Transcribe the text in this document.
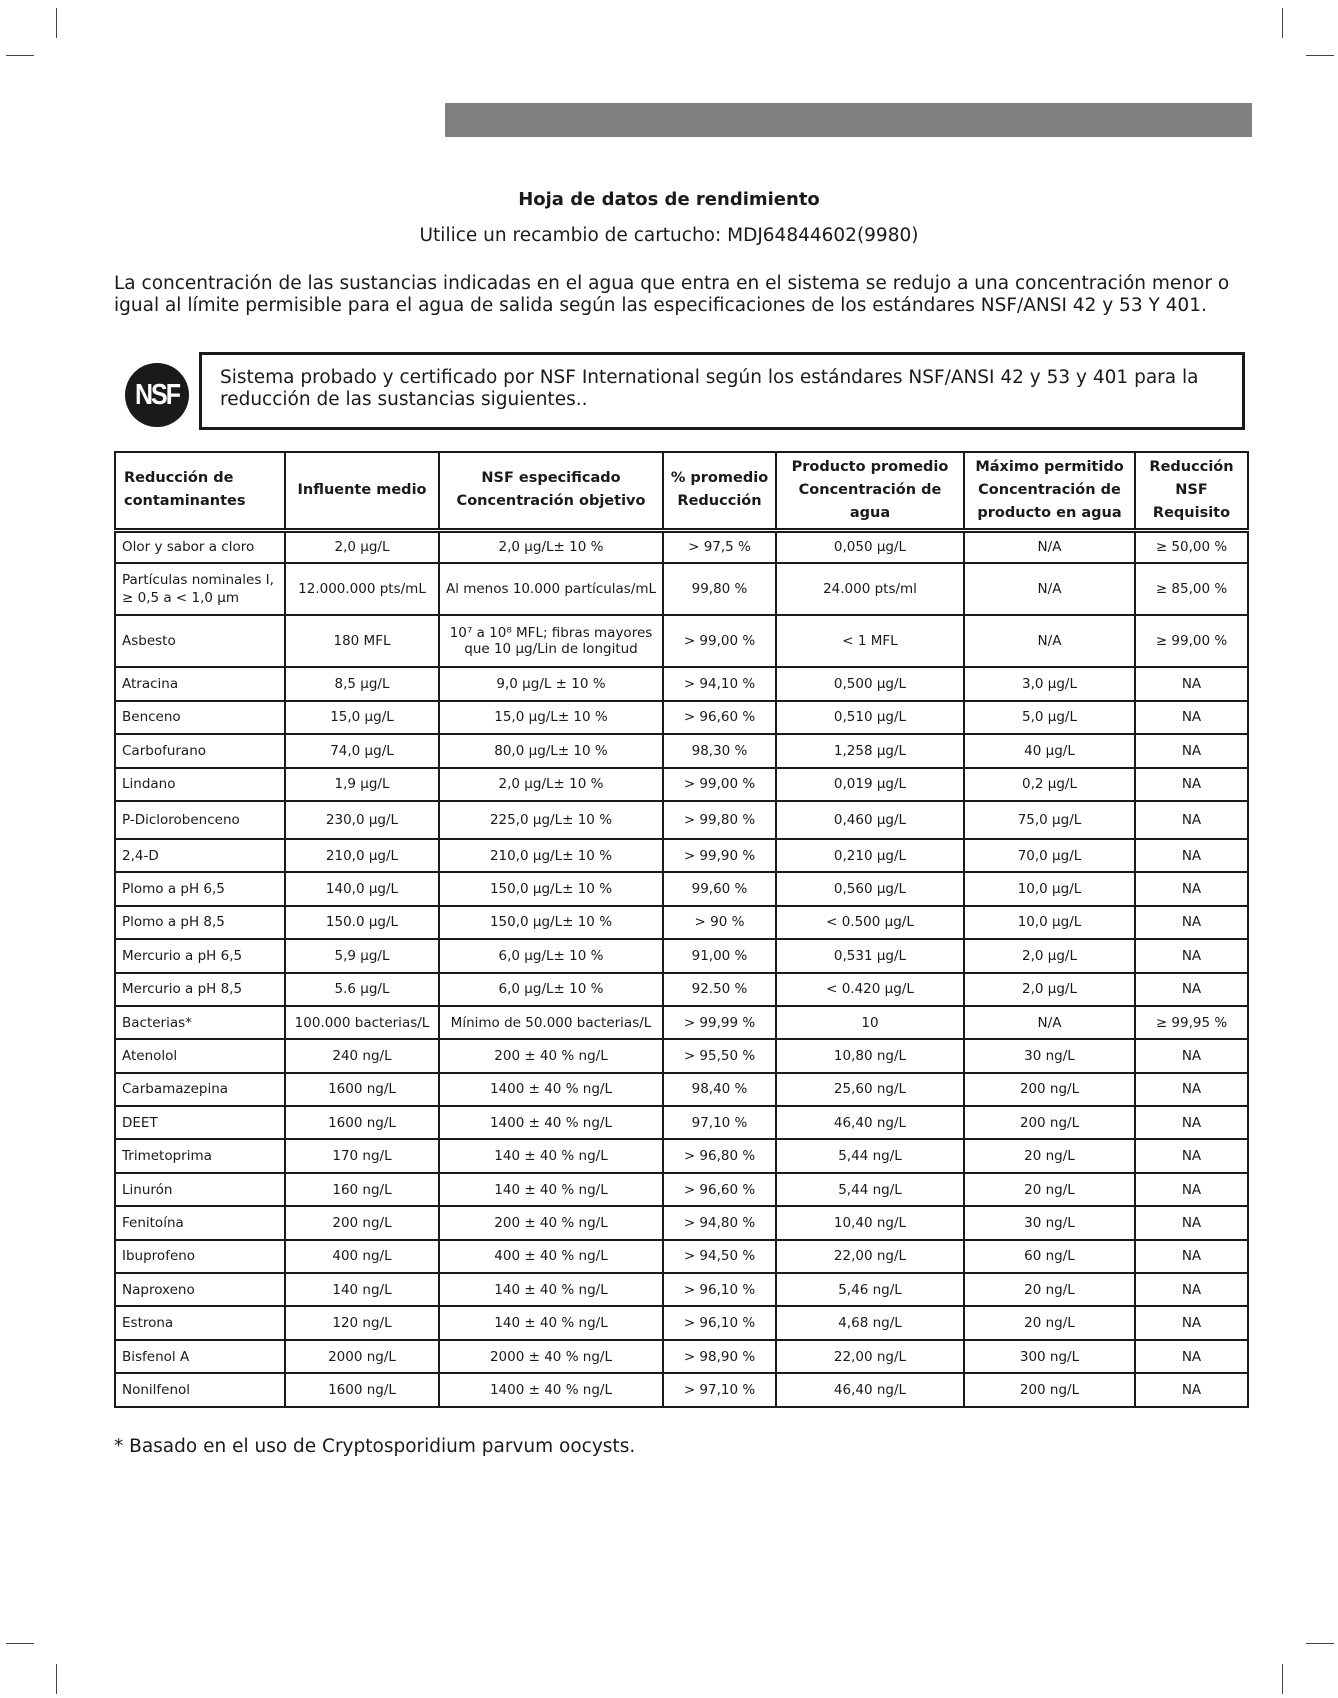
Hoja de datos de rendimiento
Utilice un recambio de cartucho: MDJ64844602(9980)
La concentración de las sustancias indicadas en el agua que entra en el sistema se redujo a una concentración menor o igual al límite permisible para el agua de salida según las especificaciones de los estándares NSF/ANSI 42 y 53 Y 401.
NSF
Sistema probado y certificado por NSF International según los estándares NSF/ANSI 42 y 53 y 401 para la reducción de las sustancias siguientes..
Reducción de contaminantes	Influente medio	NSF especificado Concentración objetivo	% promedio Reducción	Producto promedio Concentración de agua	Máximo permitido Concentración de producto en agua	Reducción NSF Requisito
Olor y sabor a cloro	2,0 µg/L	2,0 µg/L± 10 %	> 97,5 %	0,050 µg/L	N/A	≥ 50,00 %
Partículas nominales I, ≥ 0,5 a < 1,0 µm	12.000.000 pts/mL	Al menos 10.000 partículas/mL	99,80 %	24.000 pts/ml	N/A	≥ 85,00 %
Asbesto	180 MFL	10⁷ a 10⁸ MFL; fibras mayores que 10 µg/Lin de longitud	> 99,00 %	< 1 MFL	N/A	≥ 99,00 %
Atracina	8,5 µg/L	9,0 µg/L ± 10 %	> 94,10 %	0,500 µg/L	3,0 µg/L	NA
Benceno	15,0 µg/L	15,0 µg/L± 10 %	> 96,60 %	0,510 µg/L	5,0 µg/L	NA
Carbofurano	74,0 µg/L	80,0 µg/L± 10 %	98,30 %	1,258 µg/L	40 µg/L	NA
Lindano	1,9 µg/L	2,0 µg/L± 10 %	> 99,00 %	0,019 µg/L	0,2 µg/L	NA
P-Diclorobenceno	230,0 µg/L	225,0 µg/L± 10 %	> 99,80 %	0,460 µg/L	75,0 µg/L	NA
2,4-D	210,0 µg/L	210,0 µg/L± 10 %	> 99,90 %	0,210 µg/L	70,0 µg/L	NA
Plomo a pH 6,5	140,0 µg/L	150,0 µg/L± 10 %	99,60 %	0,560 µg/L	10,0 µg/L	NA
Plomo a pH 8,5	150.0 µg/L	150,0 µg/L± 10 %	> 90 %	< 0.500 µg/L	10,0 µg/L	NA
Mercurio a pH 6,5	5,9 µg/L	6,0 µg/L± 10 %	91,00 %	0,531 µg/L	2,0 µg/L	NA
Mercurio a pH 8,5	5.6 µg/L	6,0 µg/L± 10 %	92.50 %	< 0.420 µg/L	2,0 µg/L	NA
Bacterias*	100.000 bacterias/L	Mínimo de 50.000 bacterias/L	> 99,99 %	10	N/A	≥ 99,95 %
Atenolol	240 ng/L	200 ± 40 % ng/L	> 95,50 %	10,80 ng/L	30 ng/L	NA
Carbamazepina	1600 ng/L	1400 ± 40 % ng/L	98,40 %	25,60 ng/L	200 ng/L	NA
DEET	1600 ng/L	1400 ± 40 % ng/L	97,10 %	46,40 ng/L	200 ng/L	NA
Trimetoprima	170 ng/L	140 ± 40 % ng/L	> 96,80 %	5,44 ng/L	20 ng/L	NA
Linurón	160 ng/L	140 ± 40 % ng/L	> 96,60 %	5,44 ng/L	20 ng/L	NA
Fenitoína	200 ng/L	200 ± 40 % ng/L	> 94,80 %	10,40 ng/L	30 ng/L	NA
Ibuprofeno	400 ng/L	400 ± 40 % ng/L	> 94,50 %	22,00 ng/L	60 ng/L	NA
Naproxeno	140 ng/L	140 ± 40 % ng/L	> 96,10 %	5,46 ng/L	20 ng/L	NA
Estrona	120 ng/L	140 ± 40 % ng/L	> 96,10 %	4,68 ng/L	20 ng/L	NA
Bisfenol A	2000 ng/L	2000 ± 40 % ng/L	> 98,90 %	22,00 ng/L	300 ng/L	NA
Nonilfenol	1600 ng/L	1400 ± 40 % ng/L	> 97,10 %	46,40 ng/L	200 ng/L	NA
* Basado en el uso de Cryptosporidium parvum oocysts.
